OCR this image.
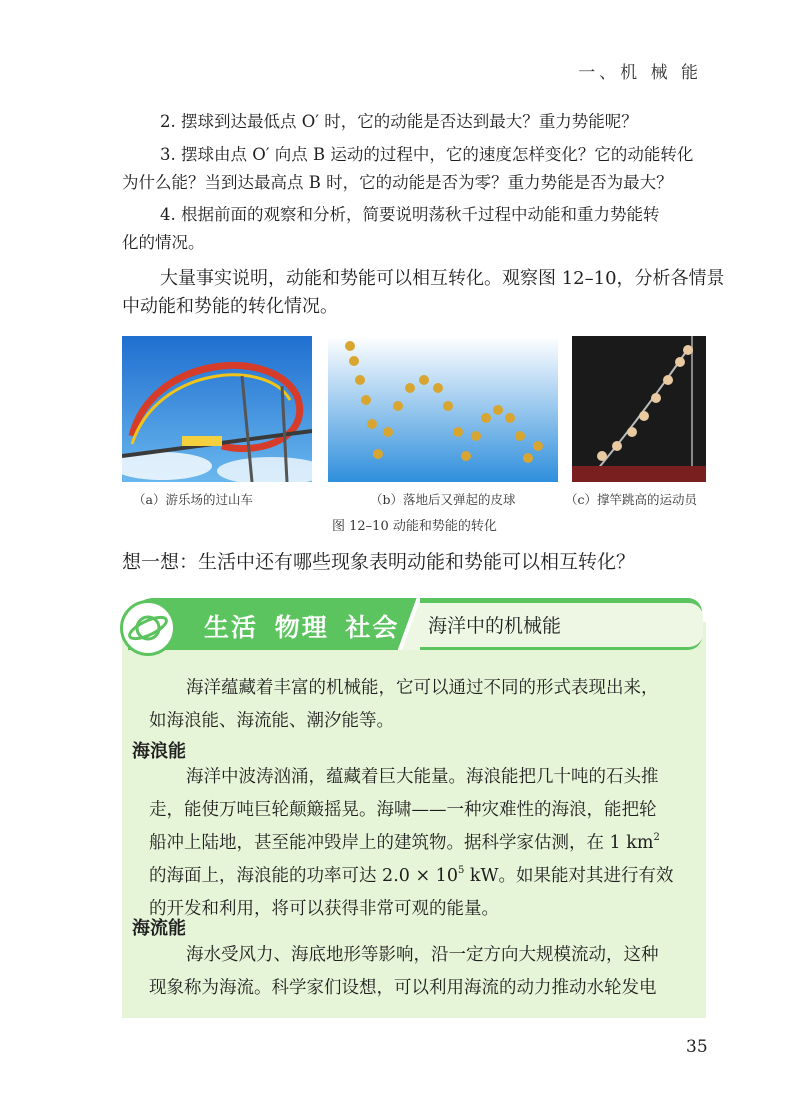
一、机 械 能
2. 摆球到达最低点 O′ 时，它的动能是否达到最大？重力势能呢？
3. 摆球由点 O′ 向点 B 运动的过程中，它的速度怎样变化？它的动能转化
为什么能？当到达最高点 B 时，它的动能是否为零？重力势能是否为最大？
4. 根据前面的观察和分析，简要说明荡秋千过程中动能和重力势能转
化的情况。
大量事实说明，动能和势能可以相互转化。观察图 12–10，分析各情景
中动能和势能的转化情况。
（a）游乐场的过山车	（b）落地后又弹起的皮球	（c）撑竿跳高的运动员
图 12–10 动能和势能的转化
想一想：生活中还有哪些现象表明动能和势能可以相互转化？
生活 物理 社会 海洋中的机械能
海洋蕴藏着丰富的机械能，它可以通过不同的形式表现出来，
如海浪能、海流能、潮汐能等。
海浪能
海洋中波涛汹涌，蕴藏着巨大能量。海浪能把几十吨的石头推
走，能使万吨巨轮颠簸摇晃。海啸——一种灾难性的海浪，能把轮
船冲上陆地，甚至能冲毁岸上的建筑物。据科学家估测，在 1 $km^2$
的海面上，海浪能的功率可达 $2.0 \times 10^5$ kW。如果能对其进行有效
的开发和利用，将可以获得非常可观的能量。
海流能
海水受风力、海底地形等影响，沿一定方向大规模流动，这种
现象称为海流。科学家们设想，可以利用海流的动力推动水轮发电
35
